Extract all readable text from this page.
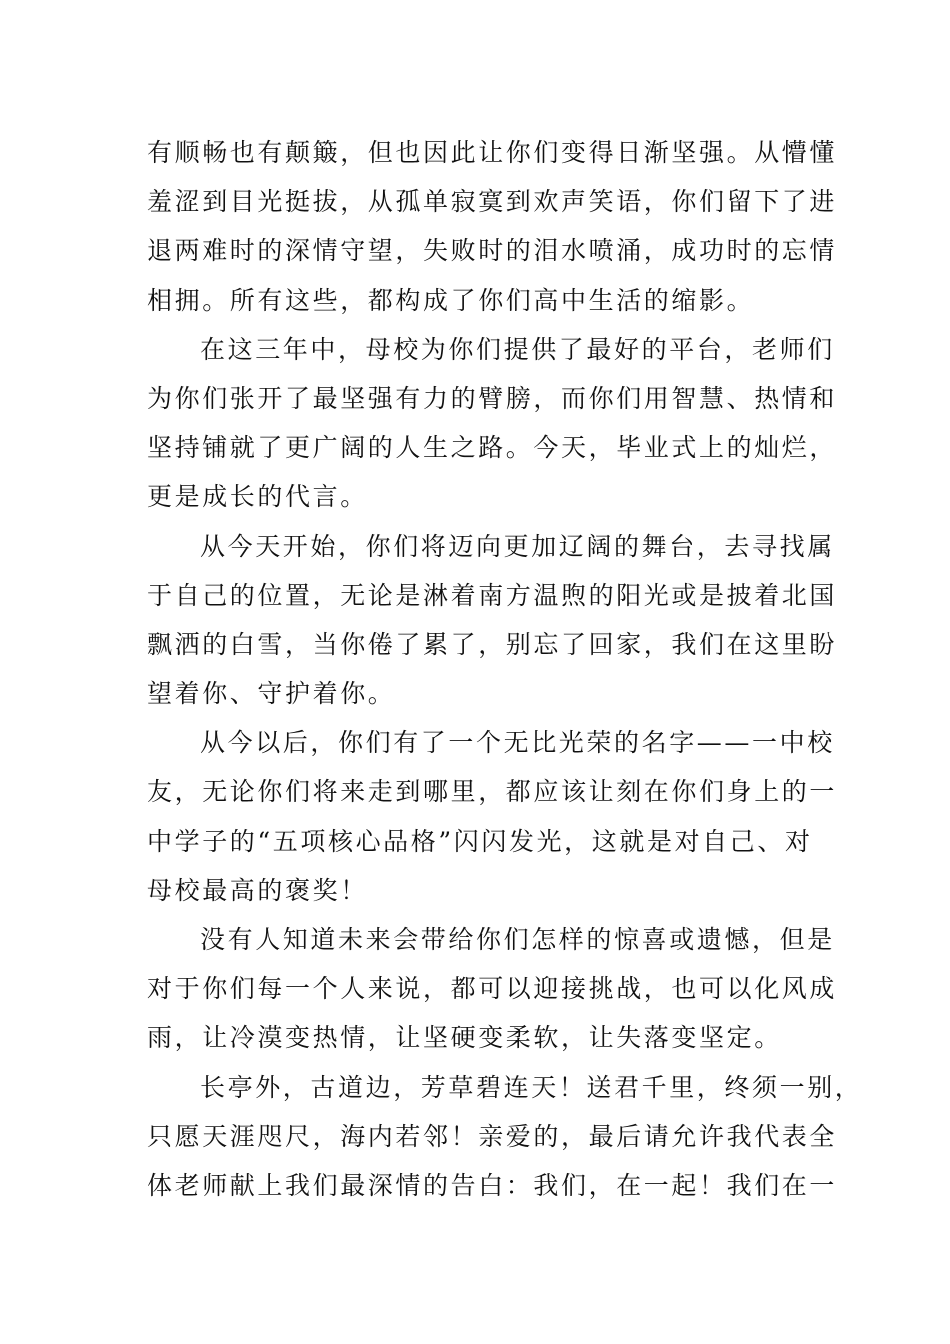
有顺畅也有颠簸，但也因此让你们变得日渐坚强。从懵懂
羞涩到目光挺拔，从孤单寂寞到欢声笑语，你们留下了进
退两难时的深情守望，失败时的泪水喷涌，成功时的忘情
相拥。所有这些，都构成了你们高中生活的缩影。
在这三年中，母校为你们提供了最好的平台，老师们
为你们张开了最坚强有力的臂膀，而你们用智慧、热情和
坚持铺就了更广阔的人生之路。今天，毕业式上的灿烂，
更是成长的代言。
从今天开始，你们将迈向更加辽阔的舞台，去寻找属
于自己的位置，无论是淋着南方温煦的阳光或是披着北国
飘洒的白雪，当你倦了累了，别忘了回家，我们在这里盼
望着你、守护着你。
从今以后，你们有了一个无比光荣的名字——一中校
友，无论你们将来走到哪里，都应该让刻在你们身上的一
中学子的“五项核心品格”闪闪发光，这就是对自己、对
母校最高的褒奖！
没有人知道未来会带给你们怎样的惊喜或遗憾，但是
对于你们每一个人来说，都可以迎接挑战，也可以化风成
雨，让冷漠变热情，让坚硬变柔软，让失落变坚定。
长亭外，古道边，芳草碧连天！送君千里，终须一别，
只愿天涯咫尺，海内若邻！亲爱的，最后请允许我代表全
体老师献上我们最深情的告白：我们，在一起！我们在一
